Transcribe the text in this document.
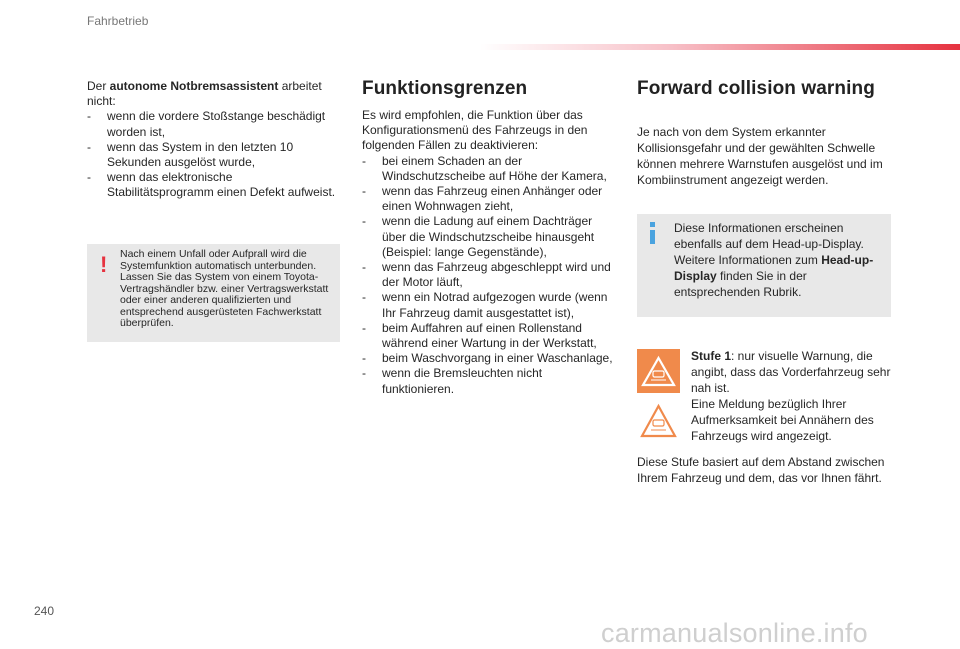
Fahrbetrieb
Der autonome Notbremsassistent arbeitet nicht:
- wenn die vordere Stoßstange beschädigt worden ist,
- wenn das System in den letzten 10 Sekunden ausgelöst wurde,
- wenn das elektronische Stabilitätsprogramm einen Defekt aufweist.
! Nach einem Unfall oder Aufprall wird die Systemfunktion automatisch unterbunden. Lassen Sie das System von einem Toyota-Vertragshändler bzw. einer Vertragswerkstatt oder einer anderen qualifizierten und entsprechend ausgerüsteten Fachwerkstatt überprüfen.
Funktionsgrenzen
Es wird empfohlen, die Funktion über das Konfigurationsmenü des Fahrzeugs in den folgenden Fällen zu deaktivieren:
- bei einem Schaden an der Windschutzscheibe auf Höhe der Kamera,
- wenn das Fahrzeug einen Anhänger oder einen Wohnwagen zieht,
- wenn die Ladung auf einem Dachträger über die Windschutzscheibe hinausgeht (Beispiel: lange Gegenstände),
- wenn das Fahrzeug abgeschleppt wird und der Motor läuft,
- wenn ein Notrad aufgezogen wurde (wenn Ihr Fahrzeug damit ausgestattet ist),
- beim Auffahren auf einen Rollenstand während einer Wartung in der Werkstatt,
- beim Waschvorgang in einer Waschanlage,
- wenn die Bremsleuchten nicht funktionieren.
Forward collision warning
Je nach von dem System erkannter Kollisionsgefahr und der gewählten Schwelle können mehrere Warnstufen ausgelöst und im Kombiinstrument angezeigt werden.
Diese Informationen erscheinen ebenfalls auf dem Head-up-Display. Weitere Informationen zum Head-up-Display finden Sie in der entsprechenden Rubrik.
Stufe 1: nur visuelle Warnung, die angibt, dass das Vorderfahrzeug sehr nah ist.
Eine Meldung bezüglich Ihrer Aufmerksamkeit bei Annähern des Fahrzeugs wird angezeigt.
Diese Stufe basiert auf dem Abstand zwischen Ihrem Fahrzeug und dem, das vor Ihnen fährt.
240
carmanualsonline.info
